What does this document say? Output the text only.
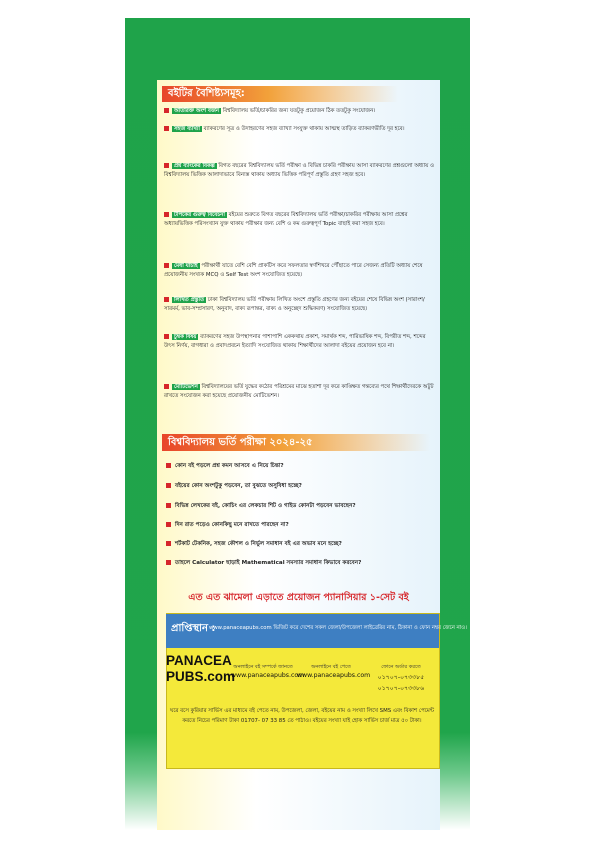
বইটির বৈশিষ্ট্যসমূহ:
অতিরিক্ত অংশ বর্জন বিশ্ববিদ্যালয় ভর্তি/চাকরির জন্য যতটুকু প্রয়োজন ঠিক ততটুকু সংযোজন।
সহজ ব্যাখ্যা ব্যাকরণের সূত্র ও উদাহরণের সহজ ব্যাখ্যা সংযুক্ত থাকায় আত্মস্থ তাড়িত ব্যাকরণভীতি দূর হবে।
প্রশ্ন ব্যাংকের বিকল্প বিগত বছরের বিশ্ববিদ্যালয় ভর্তি পরীক্ষা ও বিভিন্ন চাকরি পরীক্ষায় আসা ব্যাকরণের প্রশ্নগুলো অধ্যায় ও বিশ্ববিদ্যালয় ভিত্তিক আলাদাভাবে বিন্যস্ত থাকায় অধ্যায় ভিত্তিক পরিপূর্ণ প্রস্তুতি গ্রহণ সহজ হবে।
টপিকের গুরুত্ব বিবেচনা বইয়ের শুরুতে বিগত বছরের বিশ্ববিদ্যালয় ভর্তি পরীক্ষা/চাকরির পরীক্ষায় আসা প্রশ্নের অধ্যায়ভিত্তিক পরিসংখ্যান যুক্ত থাকায় পরীক্ষার জন্য বেশি ও কম গুরুত্বপূর্ণ Topic বাছাই করা সহজ হবে।
মেধা যাচাই পরীক্ষার্থী যাতে বেশি বেশি প্রাকটিস করে সফলতার স্বর্ণশিখরে পৌঁছাতে পারে সেজন্য প্রতিটি অধ্যায় শেষে প্রয়োজনীয় সংখ্যক MCQ ও Self Test অংশ সংযোজিত হয়েছে।
লিখিত প্রস্তুতি ঢাকা বিশ্ববিদ্যালয় ভর্তি পরীক্ষায় লিখিত অংশে প্রস্তুতি গ্রহণের জন্য বইয়ের শেষে বিভিন্ন অংশ (সারাংশ/সারমর্ম, ভাব-সম্প্রসারণ, অনুবাদ, বাক্য রূপান্তর, বাক্য ও অনুচ্ছেদ শুদ্ধিকরণ) সংযোজিত হয়েছে।
চুম্বক বিষয় ব্যাকরণের সহজ উপস্থাপনার পাশাপাশি এককথায় প্রকাশ, সমার্থক শব্দ, পারিভাষিক শব্দ, বিপরীত শব্দ, শব্দের উৎস নির্ণয়, বাগধারা ও প্রবাদপ্রবচন ইত্যাদি সংযোজিত থাকায় শিক্ষার্থীদের আলাদা বইয়ের প্রয়োজন হবে না।
মোটিভেশন বিশ্ববিদ্যালয়ের ভর্তি যুদ্ধের কঠোর পরিশ্রমের মাঝে হতাশা দূর করে কাঙ্ক্ষিত গন্তব্যের পথে শিক্ষার্থীদেরকে অটুট রাখতে সংযোজন করা হয়েছে প্রয়োজনীয় মোটিভেশন।
বিশ্ববিদ্যালয় ভর্তি পরীক্ষা ২০২৪-২৫
কোন বই পড়লে প্রশ্ন কমন আসবে এ নিয়ে চিন্তা?
বইয়ের কোন অংশটুকু পড়বেন, তা বুঝতে অসুবিধা হচ্ছে?
বিভিন্ন লেখকের বই, কোচিং এর লেকচার শিট ও গাইড কোনটা পড়বেন ভাবছেন?
দিন রাত পড়েও কোনকিছু মনে রাখতে পারছেন না?
শর্টকাট টেকনিক, সহজ কৌশল ও নির্ভুল সমাধান বই এর অভাব মনে হচ্ছে?
তাহলে Calculator ছাড়াই Mathematical সমস্যার সমাধান কিভাবে করবেন?
এত এত ঝামেলা এড়াতে প্রয়োজন প্যানাসিয়ার ১-সেট বই
প্রাপ্তিস্থান :
www.panaceapubs.com ভিজিট করে দেশের সকল জেলা/উপজেলা লাইব্রেরির নাম, ঠিকানা ও ফোন নম্বর জেনে নাও।
PANACEA
PUBS.com
অনলাইনে বই সম্পর্কে জানতে
www.panaceapubs.com
অনলাইনে বই পেতে
www.panaceapubs.com
ফোনে অর্ডার করতে
০১৭০৭-০৭৩৩৮৫
০১৭০৭-০৭৩৩৮৬
ঘরে বসে কুরিয়ার সার্ভিস এর মাধ্যমে বই পেতে নাম, উপজেলা, জেলা, বইয়ের নাম ও সংখ্যা লিখে SMS এবং বিকাশ পেমেন্ট করতে নিচের পরিমাণ টাকা 01707- 07 33 85 তে পাঠাও। বইয়ের সংখ্যা যাই হোক সার্ভিস চার্জ মাত্র ৫০ টাকা।
